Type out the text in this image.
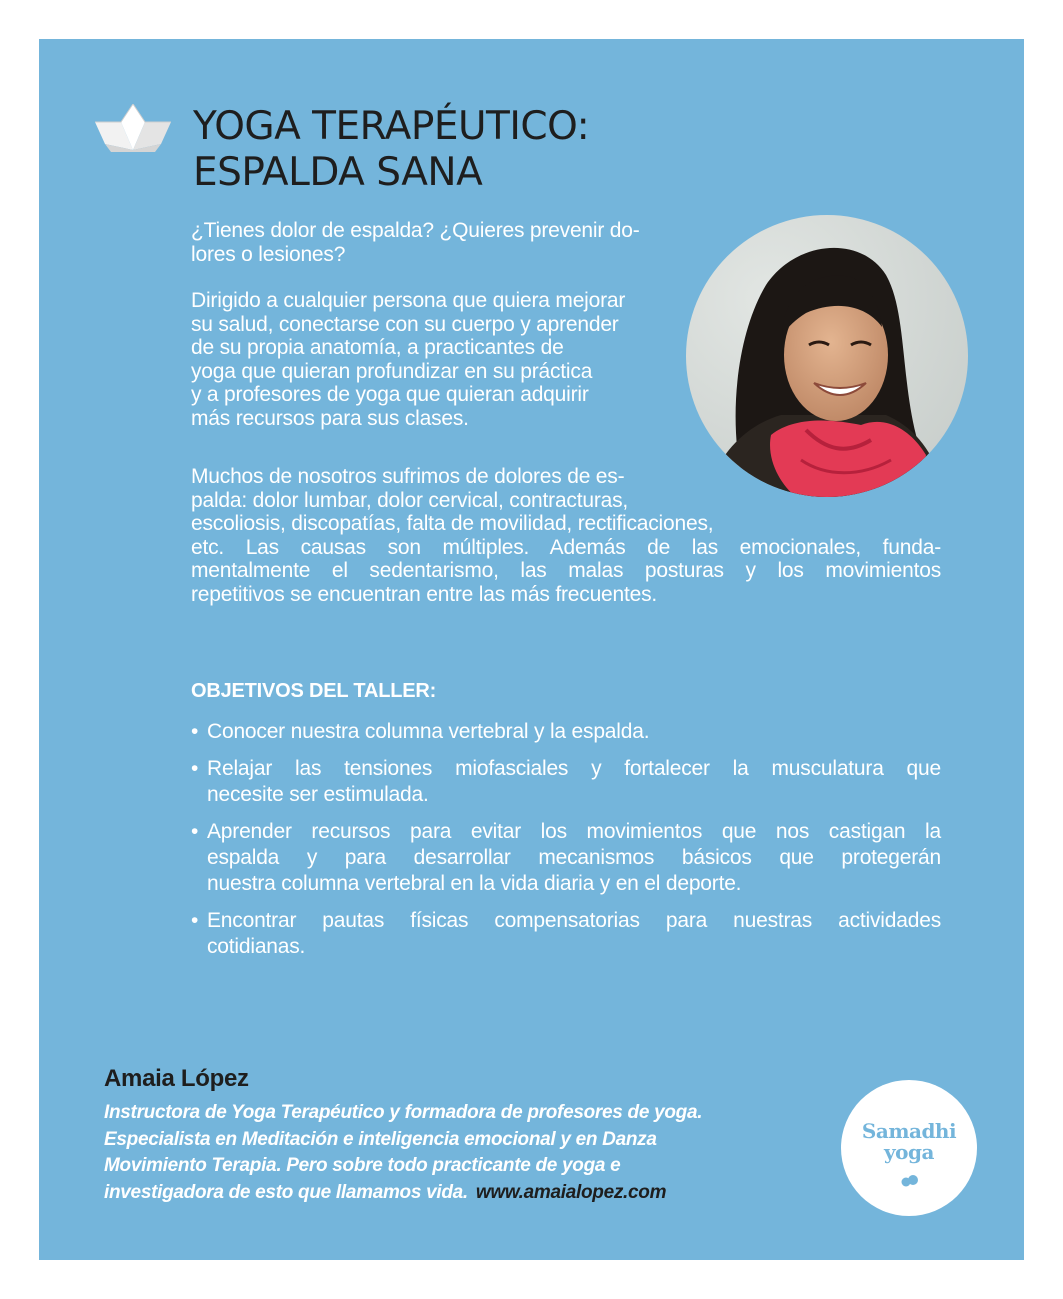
YOGA TERAPÉUTICO:
ESPALDA SANA

¿Tienes dolor de espalda? ¿Quieres prevenir do-
lores o lesiones?

Dirigido a cualquier persona que quiera mejorar
su salud, conectarse con su cuerpo y aprender
de su propia anatomía, a practicantes de
yoga que quieran profundizar en su práctica
y a profesores de yoga que quieran adquirir
más recursos para sus clases.

Muchos de nosotros sufrimos de dolores de es-
palda: dolor lumbar, dolor cervical, contracturas,
escoliosis, discopatías, falta de movilidad, rectificaciones,
etc. Las causas son múltiples. Además de las emocionales, funda-
mentalmente el sedentarismo, las malas posturas y los movimientos
repetitivos se encuentran entre las más frecuentes.

OBJETIVOS DEL TALLER:
• Conocer nuestra columna vertebral y la espalda.
• Relajar las tensiones miofasciales y fortalecer la musculatura que
necesite ser estimulada.
• Aprender recursos para evitar los movimientos que nos castigan la
espalda y para desarrollar mecanismos básicos que protegerán
nuestra columna vertebral en la vida diaria y en el deporte.
• Encontrar pautas físicas compensatorias para nuestras actividades
cotidianas.
Amaia López

Instructora de Yoga Terapéutico y formadora de profesores de yoga.
Especialista en Meditación e inteligencia emocional y en Danza
Movimiento Terapia. Pero sobre todo practicante de yoga e
investigadora de esto que llamamos vida. www.amaialopez.com

Samadhi

yoga
